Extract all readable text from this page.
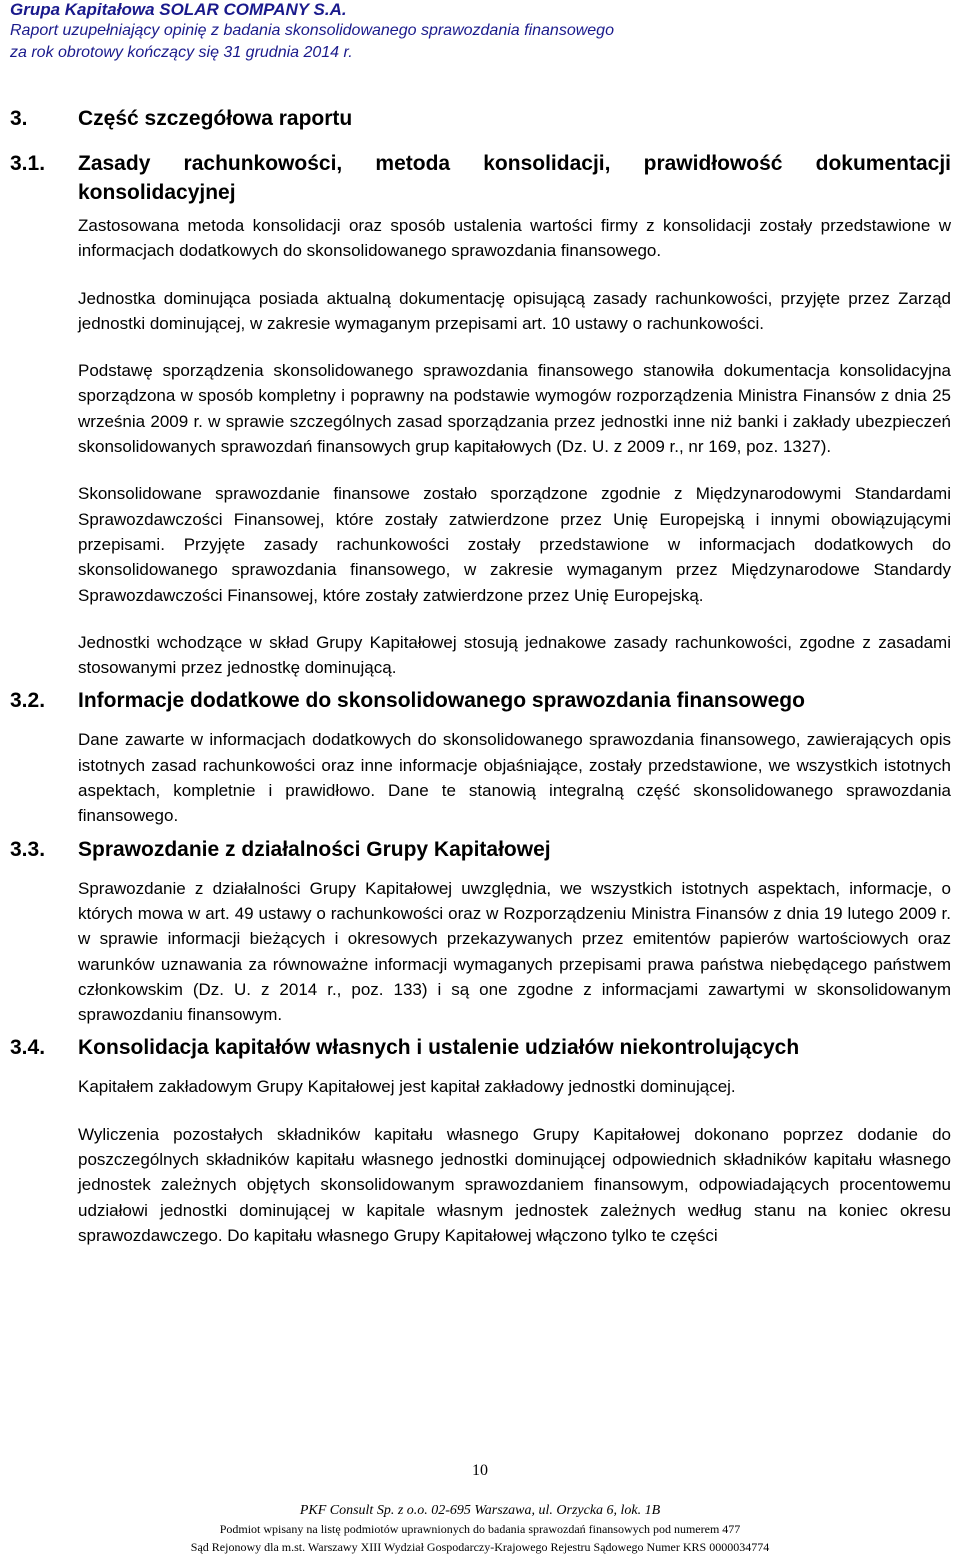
Grupa Kapitałowa SOLAR COMPANY S.A.
Raport uzupełniający opinię z badania skonsolidowanego sprawozdania finansowego
za rok obrotowy kończący się 31 grudnia 2014 r.
3.	Część szczegółowa raportu
3.1.	Zasady rachunkowości, metoda konsolidacji, prawidłowość dokumentacji konsolidacyjnej
Zastosowana metoda konsolidacji oraz sposób ustalenia wartości firmy z konsolidacji zostały przedstawione w informacjach dodatkowych do skonsolidowanego sprawozdania finansowego.
Jednostka dominująca posiada aktualną dokumentację opisującą zasady rachunkowości, przyjęte przez Zarząd jednostki dominującej, w zakresie wymaganym przepisami art. 10 ustawy o rachunkowości.
Podstawę sporządzenia skonsolidowanego sprawozdania finansowego stanowiła dokumentacja konsolidacyjna sporządzona w sposób kompletny i poprawny na podstawie wymogów rozporządzenia Ministra Finansów z dnia 25 września 2009 r. w sprawie szczególnych zasad sporządzania przez jednostki inne niż banki i zakłady ubezpieczeń skonsolidowanych sprawozdań finansowych grup kapitałowych (Dz. U. z 2009 r., nr 169, poz. 1327).
Skonsolidowane sprawozdanie finansowe zostało sporządzone zgodnie z Międzynarodowymi Standardami Sprawozdawczości Finansowej, które zostały zatwierdzone przez Unię Europejską i innymi obowiązującymi przepisami. Przyjęte zasady rachunkowości zostały przedstawione w informacjach dodatkowych do skonsolidowanego sprawozdania finansowego, w zakresie wymaganym przez Międzynarodowe Standardy Sprawozdawczości Finansowej, które zostały zatwierdzone przez Unię Europejską.
Jednostki wchodzące w skład Grupy Kapitałowej stosują jednakowe zasady rachunkowości, zgodne z zasadami stosowanymi przez jednostkę dominującą.
3.2.	Informacje dodatkowe do skonsolidowanego sprawozdania finansowego
Dane zawarte w informacjach dodatkowych do skonsolidowanego sprawozdania finansowego, zawierających opis istotnych zasad rachunkowości oraz inne informacje objaśniające, zostały przedstawione, we wszystkich istotnych aspektach, kompletnie i prawidłowo. Dane te stanowią integralną część skonsolidowanego sprawozdania finansowego.
3.3.	Sprawozdanie z działalności Grupy Kapitałowej
Sprawozdanie z działalności Grupy Kapitałowej uwzględnia, we wszystkich istotnych aspektach, informacje, o których mowa w art. 49 ustawy o rachunkowości oraz w Rozporządzeniu Ministra Finansów z dnia 19 lutego 2009 r. w sprawie informacji bieżących i okresowych przekazywanych przez emitentów papierów wartościowych oraz warunków uznawania za równoważne informacji wymaganych przepisami prawa państwa niebędącego państwem członkowskim (Dz. U. z 2014 r., poz. 133) i są one zgodne z informacjami zawartymi w skonsolidowanym sprawozdaniu finansowym.
3.4.	Konsolidacja kapitałów własnych i ustalenie udziałów niekontrolujących
Kapitałem zakładowym Grupy Kapitałowej jest kapitał zakładowy jednostki dominującej.
Wyliczenia pozostałych składników kapitału własnego Grupy Kapitałowej dokonano poprzez dodanie do poszczególnych składników kapitału własnego jednostki dominującej odpowiednich składników kapitału własnego jednostek zależnych objętych skonsolidowanym sprawozdaniem finansowym, odpowiadających procentowemu udziałowi jednostki dominującej w kapitale własnym jednostek zależnych według stanu na koniec okresu sprawozdawczego. Do kapitału własnego Grupy Kapitałowej włączono tylko te części
10
PKF Consult Sp. z o.o. 02-695 Warszawa, ul. Orzycka 6, lok. 1B
Podmiot wpisany na listę podmiotów uprawnionych do badania sprawozdań finansowych pod numerem 477
Sąd Rejonowy dla m.st. Warszawy XIII Wydział Gospodarczy-Krajowego Rejestru Sądowego Numer KRS 0000034774
